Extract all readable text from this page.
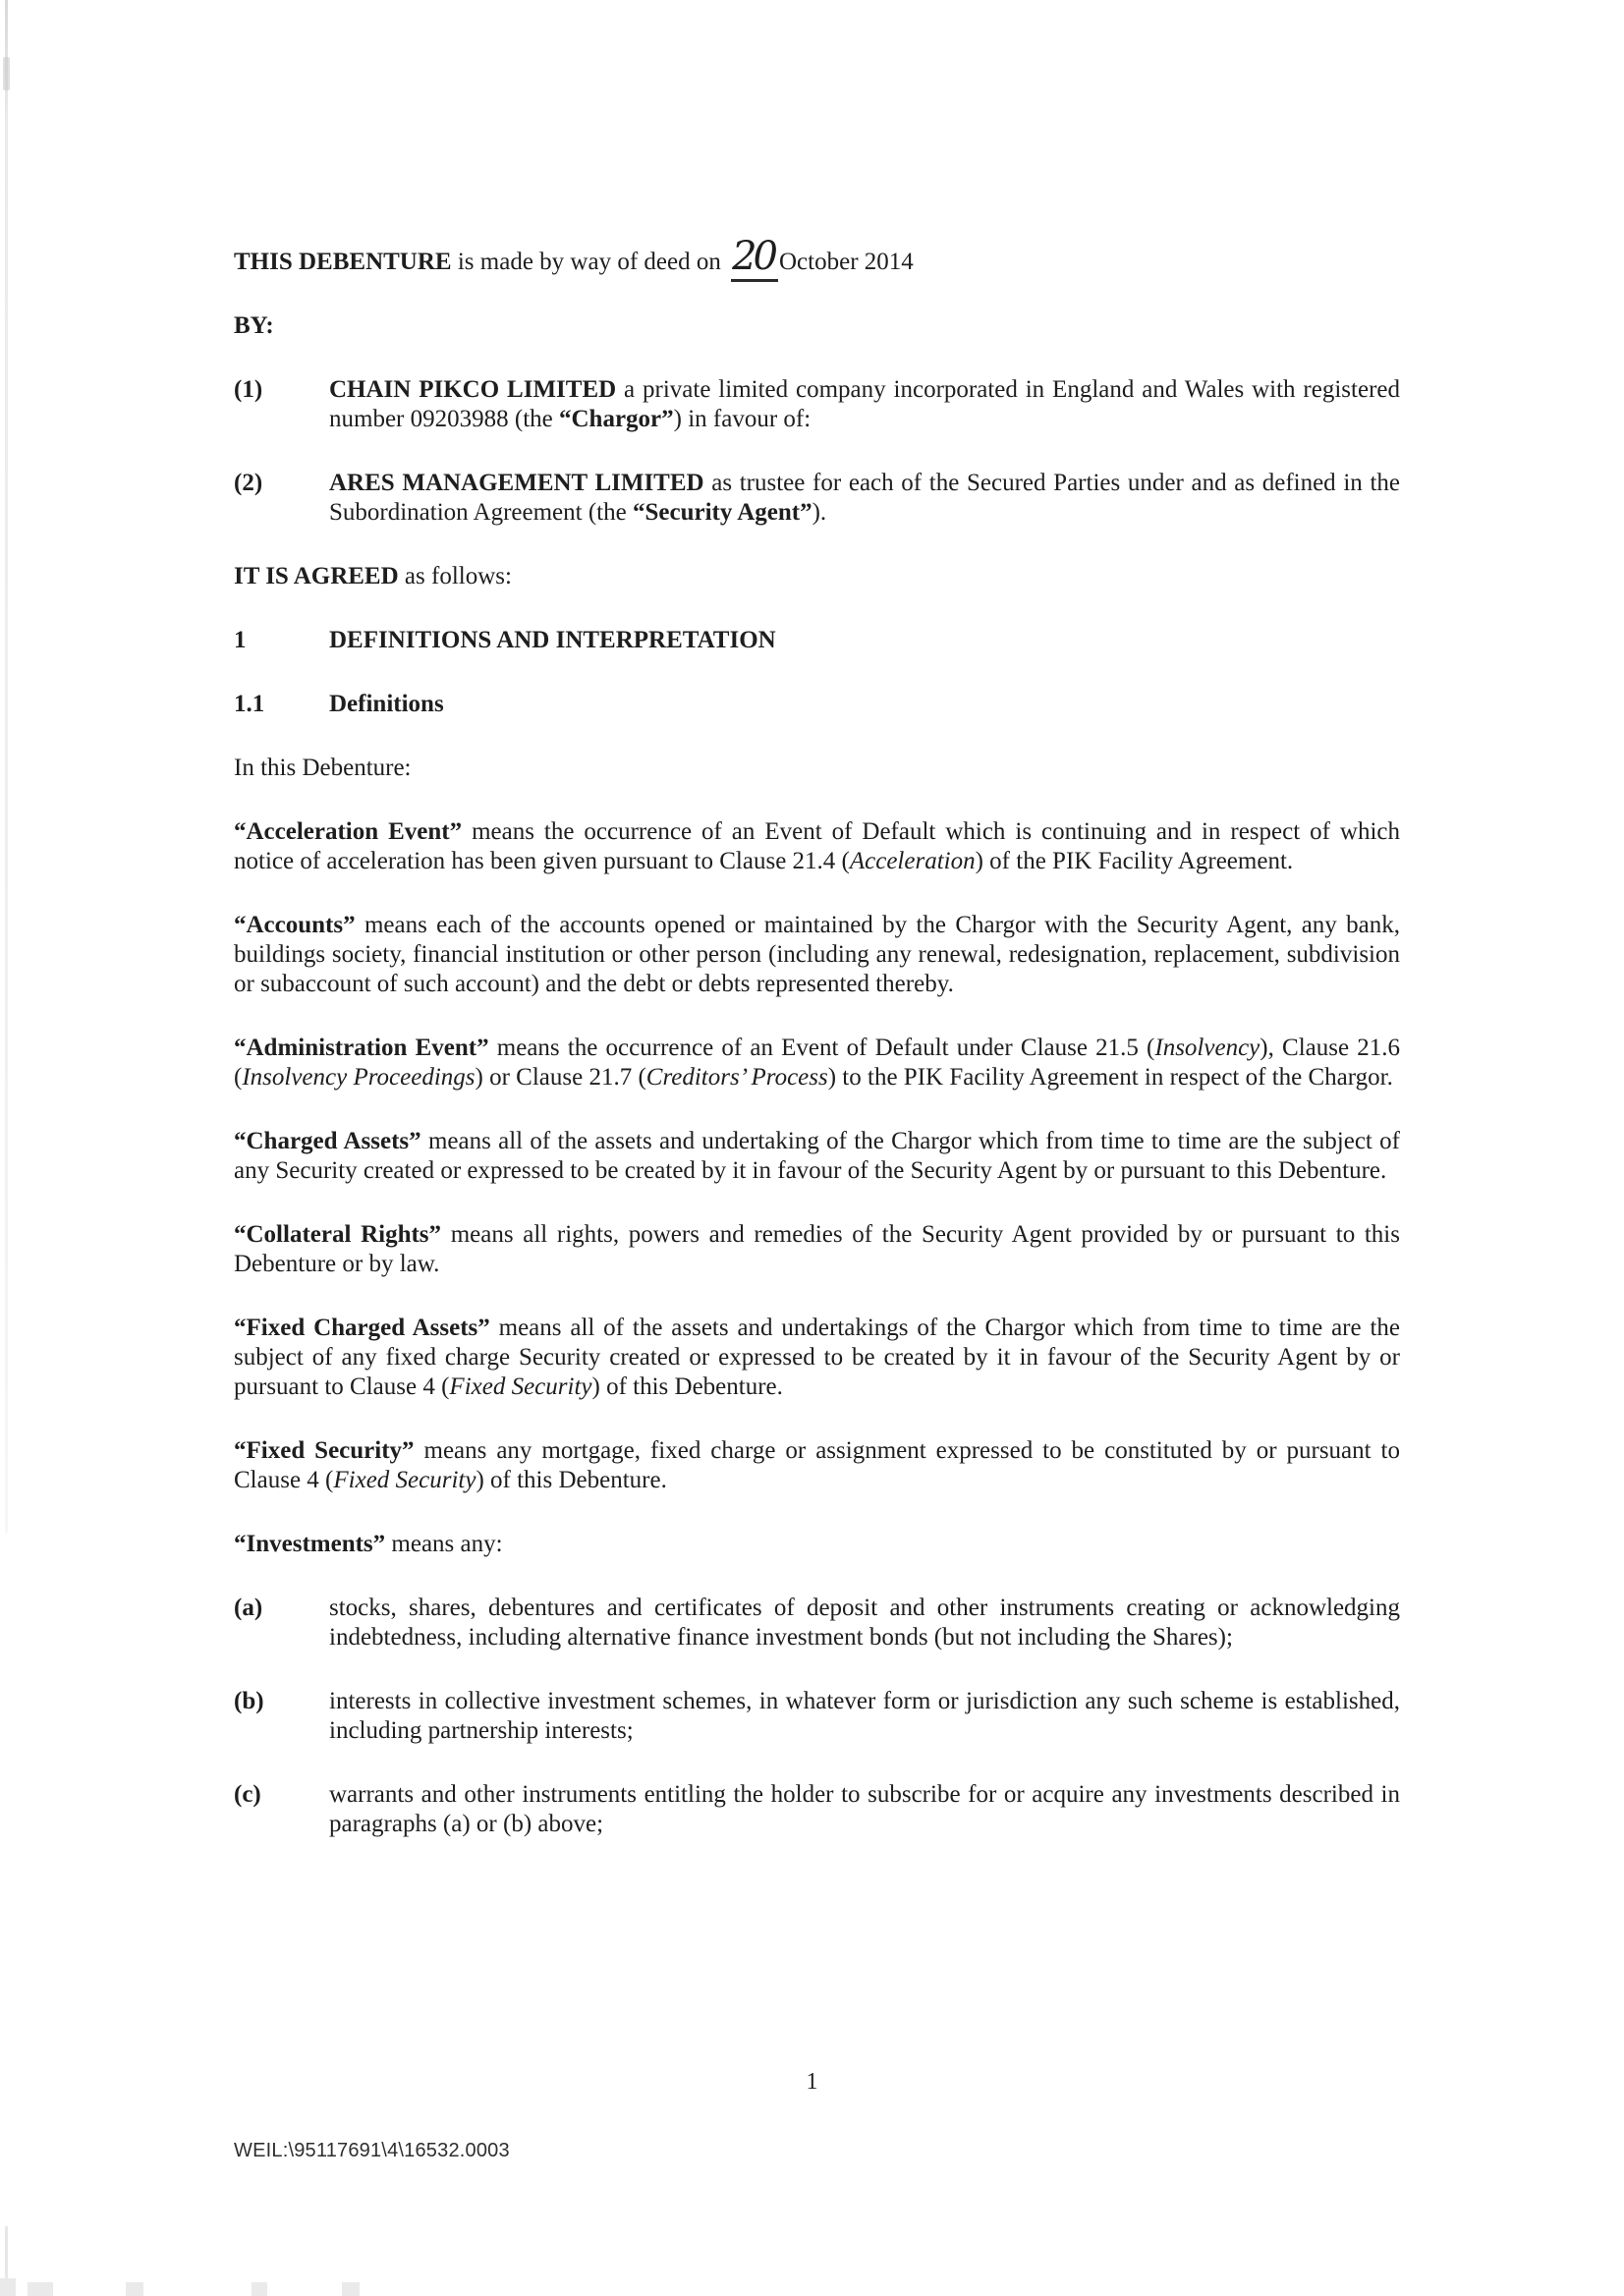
THIS DEBENTURE is made by way of deed on 20 October 2014
BY:
(1)	CHAIN PIKCO LIMITED a private limited company incorporated in England and Wales with registered number 09203988 (the “Chargor”) in favour of:
(2)	ARES MANAGEMENT LIMITED as trustee for each of the Secured Parties under and as defined in the Subordination Agreement (the “Security Agent”).
IT IS AGREED as follows:
1	DEFINITIONS AND INTERPRETATION
1.1	Definitions
In this Debenture:
“Acceleration Event” means the occurrence of an Event of Default which is continuing and in respect of which notice of acceleration has been given pursuant to Clause 21.4 (Acceleration) of the PIK Facility Agreement.
“Accounts” means each of the accounts opened or maintained by the Chargor with the Security Agent, any bank, buildings society, financial institution or other person (including any renewal, redesignation, replacement, subdivision or subaccount of such account) and the debt or debts represented thereby.
“Administration Event” means the occurrence of an Event of Default under Clause 21.5 (Insolvency), Clause 21.6 (Insolvency Proceedings) or Clause 21.7 (Creditors’ Process) to the PIK Facility Agreement in respect of the Chargor.
“Charged Assets” means all of the assets and undertaking of the Chargor which from time to time are the subject of any Security created or expressed to be created by it in favour of the Security Agent by or pursuant to this Debenture.
“Collateral Rights” means all rights, powers and remedies of the Security Agent provided by or pursuant to this Debenture or by law.
“Fixed Charged Assets” means all of the assets and undertakings of the Chargor which from time to time are the subject of any fixed charge Security created or expressed to be created by it in favour of the Security Agent by or pursuant to Clause 4 (Fixed Security) of this Debenture.
“Fixed Security” means any mortgage, fixed charge or assignment expressed to be constituted by or pursuant to Clause 4 (Fixed Security) of this Debenture.
“Investments” means any:
(a)	stocks, shares, debentures and certificates of deposit and other instruments creating or acknowledging indebtedness, including alternative finance investment bonds (but not including the Shares);
(b)	interests in collective investment schemes, in whatever form or jurisdiction any such scheme is established, including partnership interests;
(c)	warrants and other instruments entitling the holder to subscribe for or acquire any investments described in paragraphs (a) or (b) above;
1
WEIL:\95117691\4\16532.0003
